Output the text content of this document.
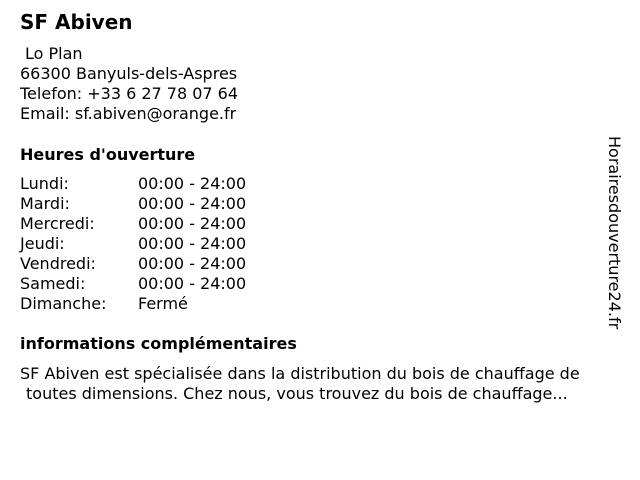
SF Abiven
Lo Plan
66300 Banyuls-dels-Aspres
Telefon: +33 6 27 78 07 64
Email: sf.abiven@orange.fr
Heures d'ouverture
Lundi:	00:00 - 24:00
Mardi:	00:00 - 24:00
Mercredi:	00:00 - 24:00
Jeudi:	00:00 - 24:00
Vendredi:	00:00 - 24:00
Samedi:	00:00 - 24:00
Dimanche:	Fermé
informations complémentaires
SF Abiven est spécialisée dans la distribution du bois de chauffage de
toutes dimensions. Chez nous, vous trouvez du bois de chauffage...
Horairesdouverture24.fr
